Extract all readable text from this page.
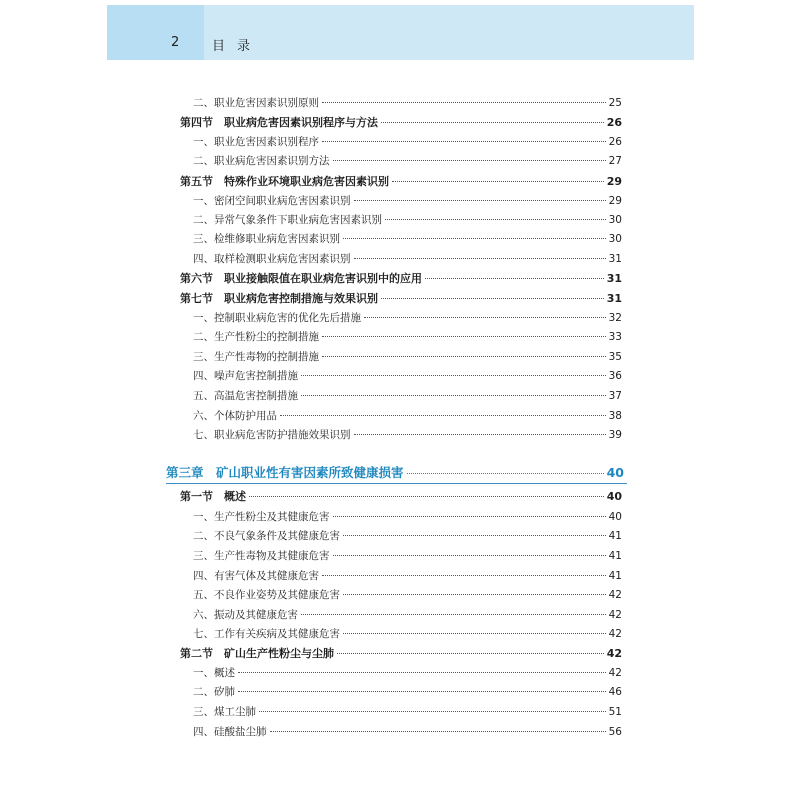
2	目录
二、职业危害因素识别原则	25
第四节　职业病危害因素识别程序与方法	26
一、职业危害因素识别程序	26
二、职业病危害因素识别方法	27
第五节　特殊作业环境职业病危害因素识别	29
一、密闭空间职业病危害因素识别	29
二、异常气象条件下职业病危害因素识别	30
三、检维修职业病危害因素识别	30
四、取样检测职业病危害因素识别	31
第六节　职业接触限值在职业病危害识别中的应用	31
第七节　职业病危害控制措施与效果识别	31
一、控制职业病危害的优化先后措施	32
二、生产性粉尘的控制措施	33
三、生产性毒物的控制措施	35
四、噪声危害控制措施	36
五、高温危害控制措施	37
六、个体防护用品	38
七、职业病危害防护措施效果识别	39
第三章　矿山职业性有害因素所致健康损害	40
第一节　概述	40
一、生产性粉尘及其健康危害	40
二、不良气象条件及其健康危害	41
三、生产性毒物及其健康危害	41
四、有害气体及其健康危害	41
五、不良作业姿势及其健康危害	42
六、振动及其健康危害	42
七、工作有关疾病及其健康危害	42
第二节　矿山生产性粉尘与尘肺	42
一、概述	42
二、矽肺	46
三、煤工尘肺	51
四、硅酸盐尘肺	56
